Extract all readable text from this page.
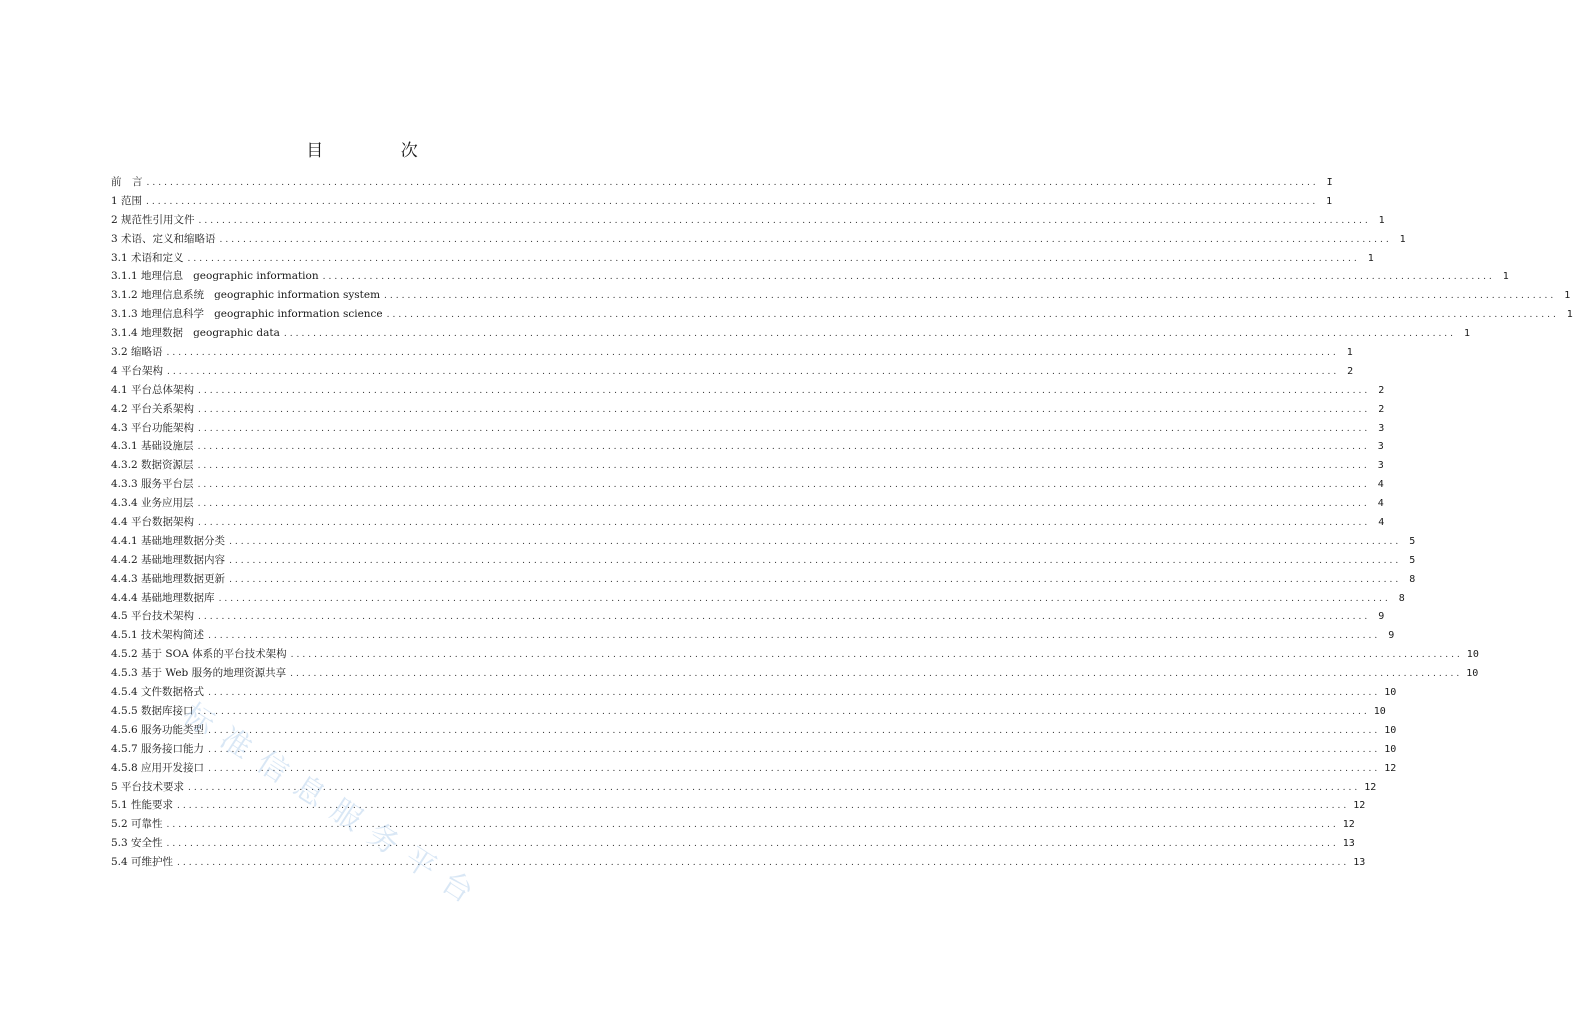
目 次
前　言 ........................................................................................................................................................................................................ I
1 范围 ........................................................................................................................................................................................................ 1
2 规范性引用文件 ........................................................................................................................................................................................................ 1
3 术语、定义和缩略语 ........................................................................................................................................................................................................ 1
3.1 术语和定义 ........................................................................................................................................................................................................ 1
3.1.1 地理信息   geographic information ........................................................................................................................................................................................................ 1
3.1.2 地理信息系统   geographic information system ........................................................................................................................................................................................................ 1
3.1.3 地理信息科学   geographic information science ........................................................................................................................................................................................................ 1
3.1.4 地理数据   geographic data ........................................................................................................................................................................................................ 1
3.2 缩略语 ........................................................................................................................................................................................................ 1
4 平台架构 ........................................................................................................................................................................................................ 2
4.1 平台总体架构 ........................................................................................................................................................................................................ 2
4.2 平台关系架构 ........................................................................................................................................................................................................ 2
4.3 平台功能架构 ........................................................................................................................................................................................................ 3
4.3.1 基础设施层 ........................................................................................................................................................................................................ 3
4.3.2 数据资源层 ........................................................................................................................................................................................................ 3
4.3.3 服务平台层 ........................................................................................................................................................................................................ 4
4.3.4 业务应用层 ........................................................................................................................................................................................................ 4
4.4 平台数据架构 ........................................................................................................................................................................................................ 4
4.4.1 基础地理数据分类 ........................................................................................................................................................................................................ 5
4.4.2 基础地理数据内容 ........................................................................................................................................................................................................ 5
4.4.3 基础地理数据更新 ........................................................................................................................................................................................................ 8
4.4.4 基础地理数据库 ........................................................................................................................................................................................................ 8
4.5 平台技术架构 ........................................................................................................................................................................................................ 9
4.5.1 技术架构简述 ........................................................................................................................................................................................................ 9
4.5.2 基于 SOA 体系的平台技术架构 ........................................................................................................................................................................................................ 10
4.5.3 基于 Web 服务的地理资源共享 ........................................................................................................................................................................................................ 10
4.5.4 文件数据格式 ........................................................................................................................................................................................................ 10
4.5.5 数据库接口 ........................................................................................................................................................................................................ 10
4.5.6 服务功能类型 ........................................................................................................................................................................................................ 10
4.5.7 服务接口能力 ........................................................................................................................................................................................................ 10
4.5.8 应用开发接口 ........................................................................................................................................................................................................ 12
5 平台技术要求 ........................................................................................................................................................................................................ 12
5.1 性能要求 ........................................................................................................................................................................................................ 12
5.2 可靠性 ........................................................................................................................................................................................................ 12
5.3 安全性 ........................................................................................................................................................................................................ 13
5.4 可维护性 ........................................................................................................................................................................................................ 13
标准信息服务平台
